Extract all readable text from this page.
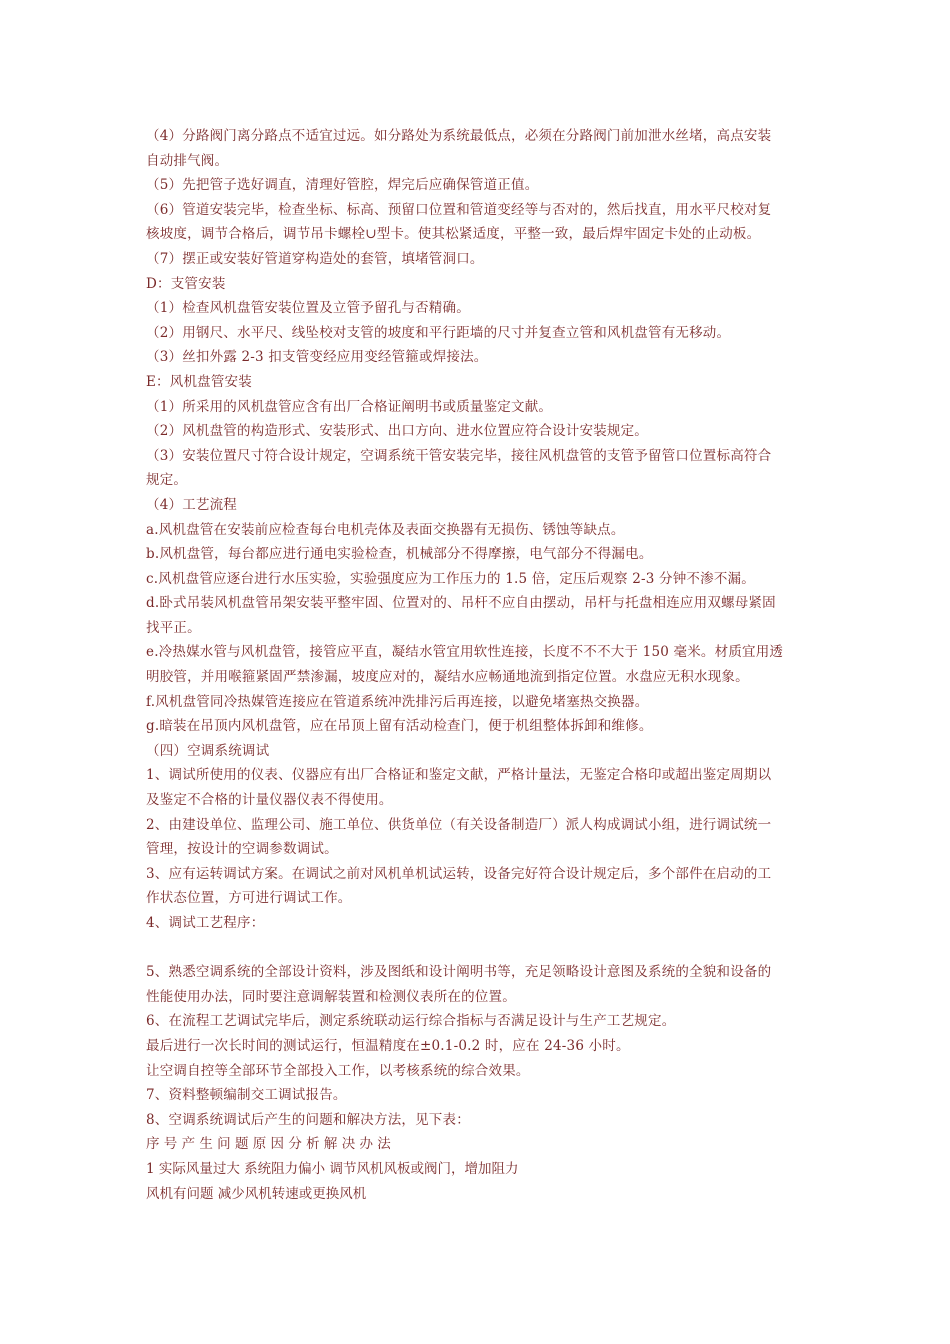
（4）分路阀门离分路点不适宜过远。如分路处为系统最低点，必须在分路阀门前加泄水丝堵，高点安装
自动排气阀。
（5）先把管子选好调直，清理好管腔，焊完后应确保管道正值。
（6）管道安装完毕，检查坐标、标高、预留口位置和管道变经等与否对的，然后找直，用水平尺校对复
核坡度，调节合格后，调节吊卡螺栓∪型卡。使其松紧适度，平整一致，最后焊牢固定卡处的止动板。
（7）摆正或安装好管道穿构造处的套管，填堵管洞口。
D：支管安装
（1）检查风机盘管安装位置及立管予留孔与否精确。
（2）用钢尺、水平尺、线坠校对支管的坡度和平行距墙的尺寸并复查立管和风机盘管有无移动。
（3）丝扣外露 2-3 扣支管变经应用变经管箍或焊接法。
E：风机盘管安装
（1）所采用的风机盘管应含有出厂合格证阐明书或质量鉴定文献。
（2）风机盘管的构造形式、安装形式、出口方向、进水位置应符合设计安装规定。
（3）安装位置尺寸符合设计规定，空调系统干管安装完毕，接往风机盘管的支管予留管口位置标高符合
规定。
（4）工艺流程
a.风机盘管在安装前应检查每台电机壳体及表面交换器有无损伤、锈蚀等缺点。
b.风机盘管，每台都应进行通电实验检查，机械部分不得摩擦，电气部分不得漏电。
c.风机盘管应逐台进行水压实验，实验强度应为工作压力的 1.5 倍，定压后观察 2-3 分钟不渗不漏。
d.卧式吊装风机盘管吊架安装平整牢固、位置对的、吊杆不应自由摆动，吊杆与托盘相连应用双螺母紧固
找平正。
e.冷热媒水管与风机盘管，接管应平直，凝结水管宜用软性连接，长度不不不大于 150 毫米。材质宜用透
明胶管，并用喉箍紧固严禁渗漏，坡度应对的，凝结水应畅通地流到指定位置。水盘应无积水现象。
f.风机盘管同冷热媒管连接应在管道系统冲洗排污后再连接，以避免堵塞热交换器。
g.暗装在吊顶内风机盘管，应在吊顶上留有活动检查门，便于机组整体拆卸和维修。
（四）空调系统调试
1、调试所使用的仪表、仪器应有出厂合格证和鉴定文献，严格计量法，无鉴定合格印或超出鉴定周期以
及鉴定不合格的计量仪器仪表不得使用。
2、由建设单位、监理公司、施工单位、供货单位（有关设备制造厂）派人构成调试小组，进行调试统一
管理，按设计的空调参数调试。
3、应有运转调试方案。在调试之前对风机单机试运转，设备完好符合设计规定后，多个部件在启动的工
作状态位置，方可进行调试工作。
4、调试工艺程序：
5、熟悉空调系统的全部设计资料，涉及图纸和设计阐明书等，充足领略设计意图及系统的全貌和设备的
性能使用办法，同时要注意调解装置和检测仪表所在的位置。
6、在流程工艺调试完毕后，测定系统联动运行综合指标与否满足设计与生产工艺规定。
最后进行一次长时间的测试运行，恒温精度在±0.1-0.2 时，应在 24-36 小时。
让空调自控等全部环节全部投入工作，以考核系统的综合效果。
7、资料整顿编制交工调试报告。
8、空调系统调试后产生的问题和解决方法，见下表：
序 号 产 生 问 题 原 因 分 析 解 决 办 法
1 实际风量过大 系统阻力偏小 调节风机风板或阀门，增加阻力
风机有问题 减少风机转速或更换风机
